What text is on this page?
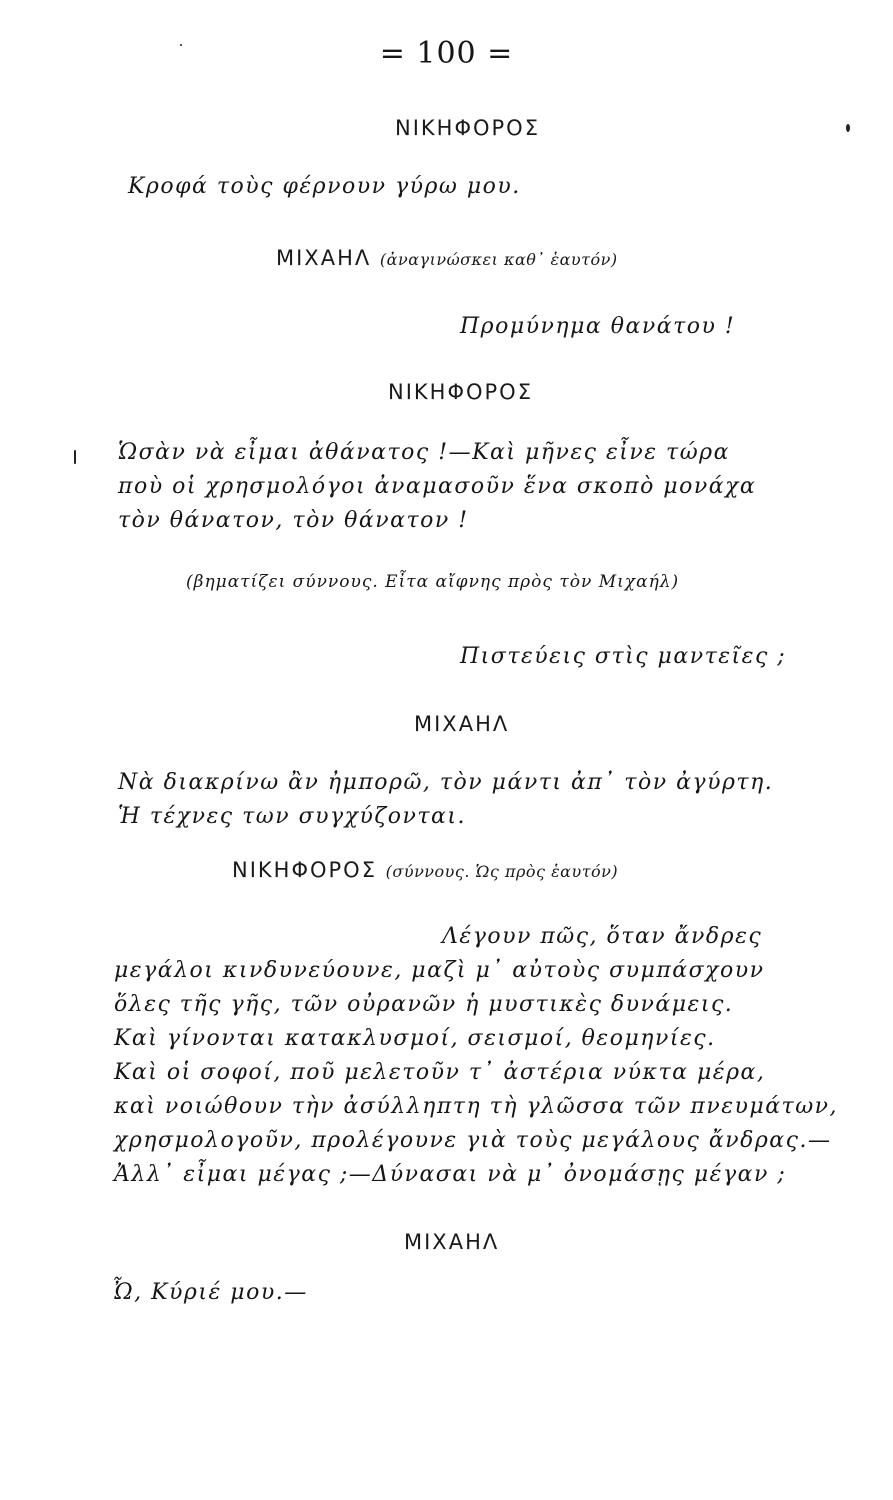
= 100 =
ΝΙΚΗΦΟΡΟΣ
Κροφά τοὺς φέρνουν γύρω μου.
ΜΙΧΑΗΛ (ἀναγινώσκει καθ᾽ ἑαυτόν)
Προμύνημα θανάτου !
ΝΙΚΗΦΟΡΟΣ
Ὡσὰν νὰ εἶμαι ἀθάνατος !—Καὶ μῆνες εἶνε τώρα
ποὺ οἱ χρησμολόγοι ἀναμασοῦν ἕνα σκοπὸ μονάχα
τὸν θάνατον, τὸν θάνατον !
(βηματίζει σύννους. Εἶτα αἴφνης πρὸς τὸν Μιχαήλ)
Πιστεύεις στὶς μαντεῖες ;
ΜΙΧΑΗΛ
Νὰ διακρίνω ἂν ἠμπορῶ, τὸν μάντι ἀπ᾽ τὸν ἀγύρτη.
Ἡ τέχνες των συγχύζονται.
ΝΙΚΗΦΟΡΟΣ (σύννους. Ὡς πρὸς ἑαυτόν)
Λέγουν πῶς, ὅταν ἄνδρες
μεγάλοι κινδυνεύουνε, μαζὶ μ᾽ αὐτοὺς συμπάσχουν
ὅλες τῆς γῆς, τῶν οὐρανῶν ἡ μυστικὲς δυνάμεις.
Καὶ γίνονται κατακλυσμοί, σεισμοί, θεομηνίες.
Καὶ οἱ σοφοί, ποῦ μελετοῦν τ᾽ ἀστέρια νύκτα μέρα,
καὶ νοιώθουν τὴν ἀσύλληπτη τὴ γλῶσσα τῶν πνευμάτων,
χρησμολογοῦν, προλέγουνε γιὰ τοὺς μεγάλους ἄνδρας.—
Ἀλλ᾽ εἶμαι μέγας ;—Δύνασαι νὰ μ᾽ ὀνομάσῃς μέγαν ;
ΜΙΧΑΗΛ
Ὦ, Κύριέ μου.—
